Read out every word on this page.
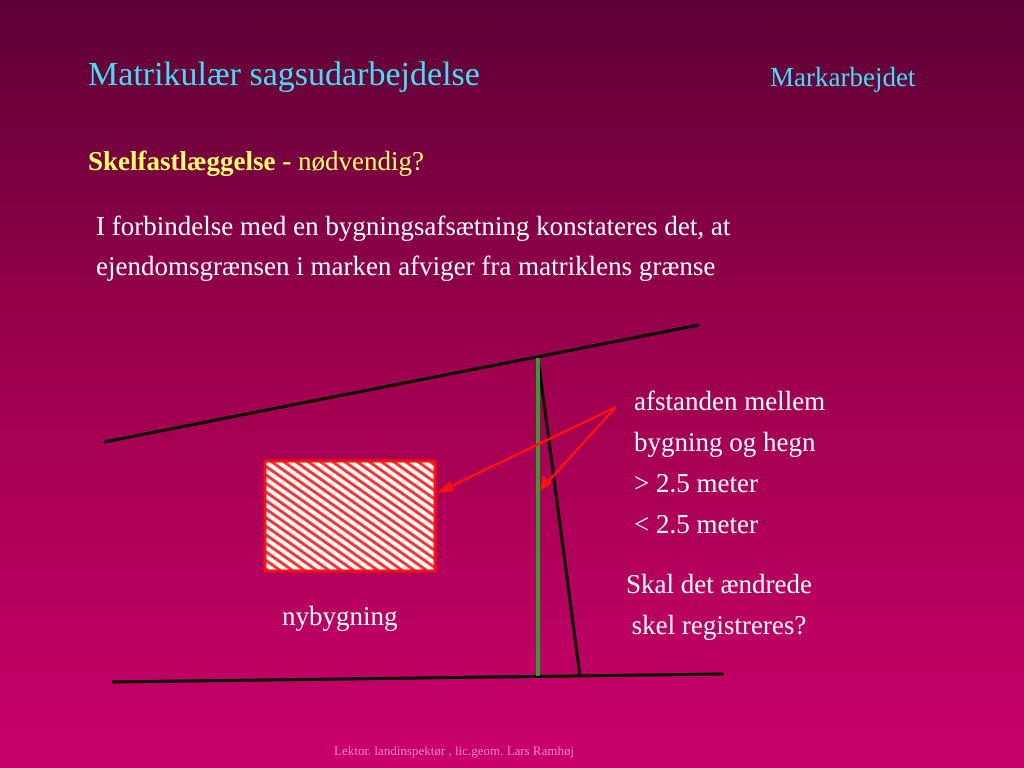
Matrikulær sagsudarbejdelse	Markarbejdet
Skelfastlæggelse - nødvendig?
I forbindelse med en bygningsafsætning konstateres det, at
ejendomsgrænsen i marken afviger fra matriklens grænse
afstanden mellem
bygning og hegn
> 2.5 meter
< 2.5 meter
Skal det ændrede
skel registreres?
nybygning
Lektor. landinspektør , lic.geom. Lars Ramhøj
